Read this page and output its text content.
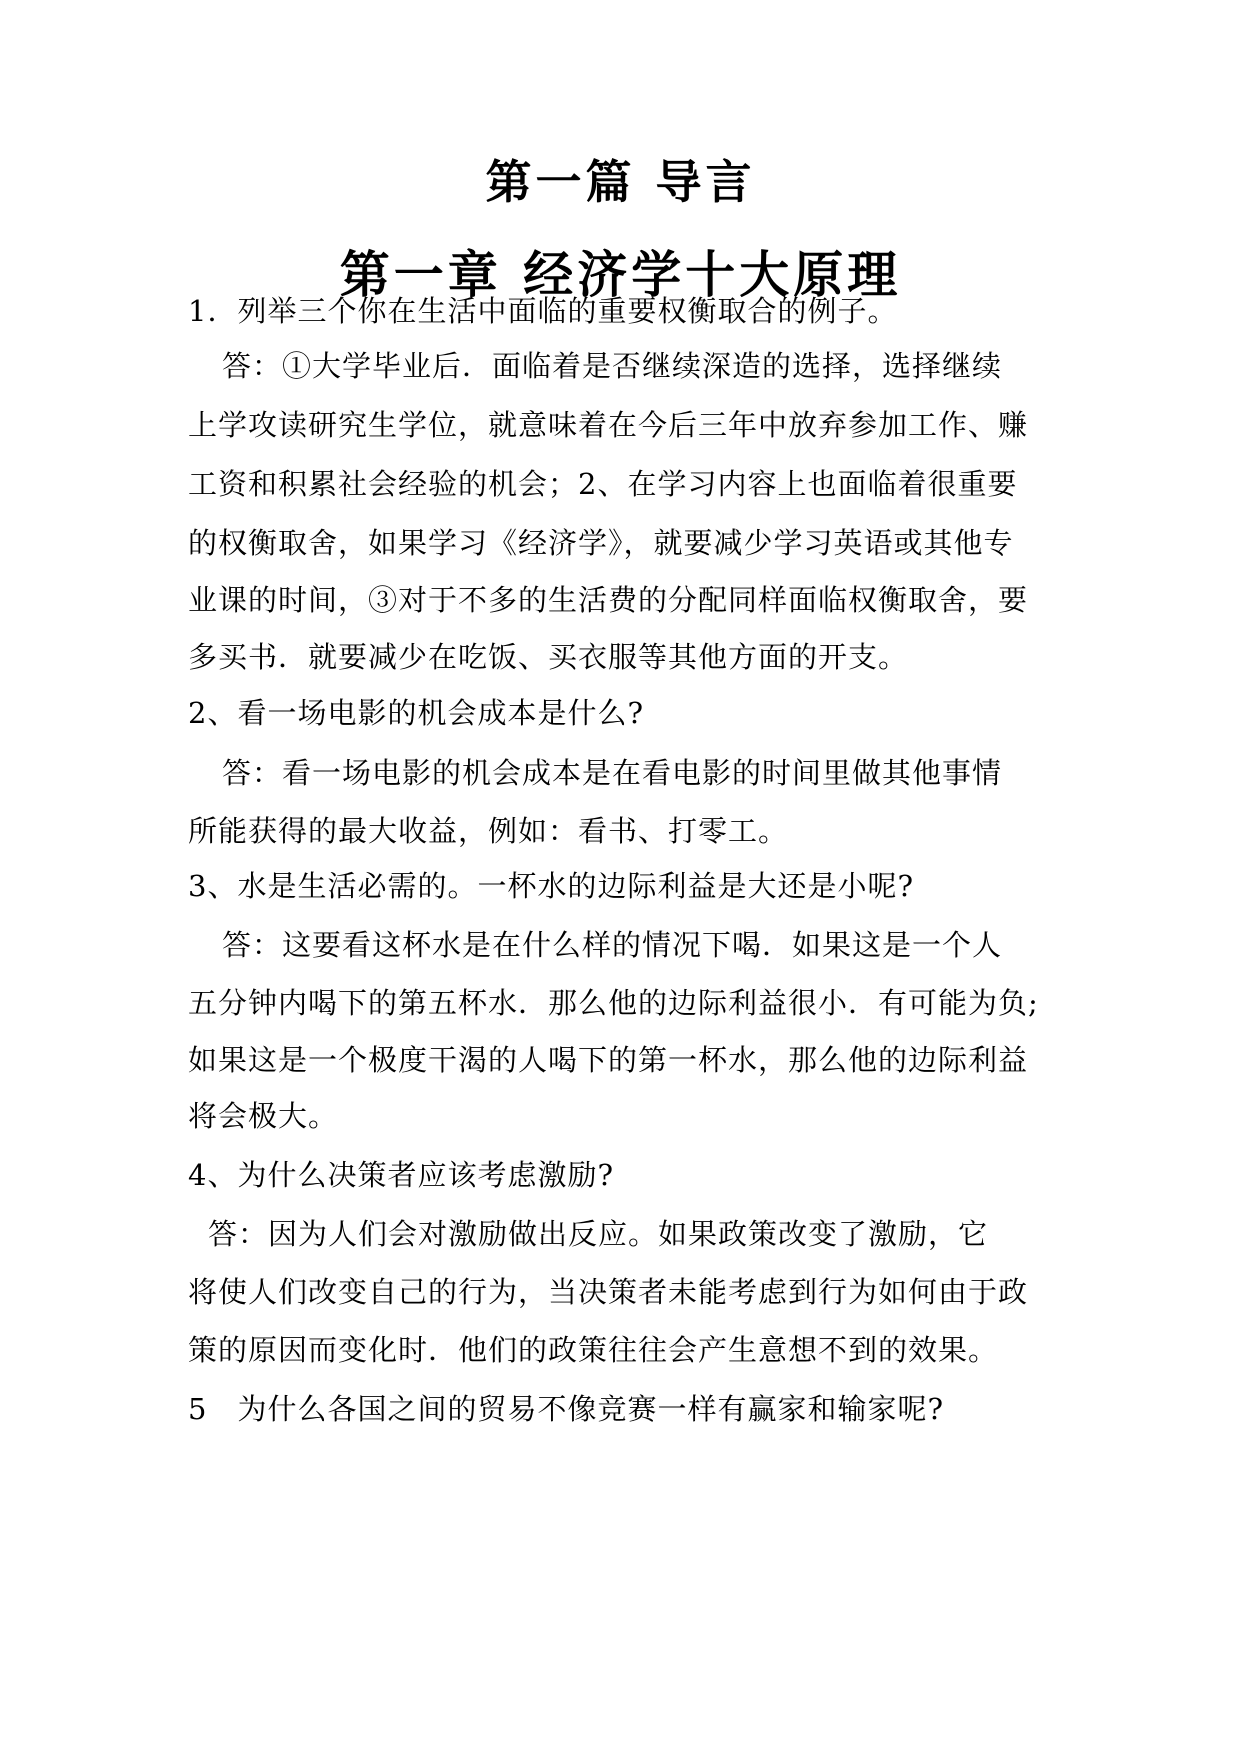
第一篇 导言
第一章 经济学十大原理
1．列举三个你在生活中面临的重要权衡取合的例子。
答：①大学毕业后．面临着是否继续深造的选择，选择继续
上学攻读研究生学位，就意味着在今后三年中放弃参加工作、赚
工资和积累社会经验的机会；2、在学习内容上也面临着很重要
的权衡取舍，如果学习《经济学》，就要减少学习英语或其他专
业课的时间，③对于不多的生活费的分配同样面临权衡取舍，要
多买书．就要减少在吃饭、买衣服等其他方面的开支。
2、看一场电影的机会成本是什么?
答：看一场电影的机会成本是在看电影的时间里做其他事情
所能获得的最大收益，例如：看书、打零工。
3、水是生活必需的。一杯水的边际利益是大还是小呢?
答：这要看这杯水是在什么样的情况下喝．如果这是一个人
五分钟内喝下的第五杯水．那么他的边际利益很小．有可能为负;
如果这是一个极度干渴的人喝下的第一杯水，那么他的边际利益
将会极大。
4、为什么决策者应该考虑激励?
答：因为人们会对激励做出反应。如果政策改变了激励，它
将使人们改变自己的行为，当决策者未能考虑到行为如何由于政
策的原因而变化时．他们的政策往往会产生意想不到的效果。
5　为什么各国之间的贸易不像竞赛一样有赢家和输家呢?
